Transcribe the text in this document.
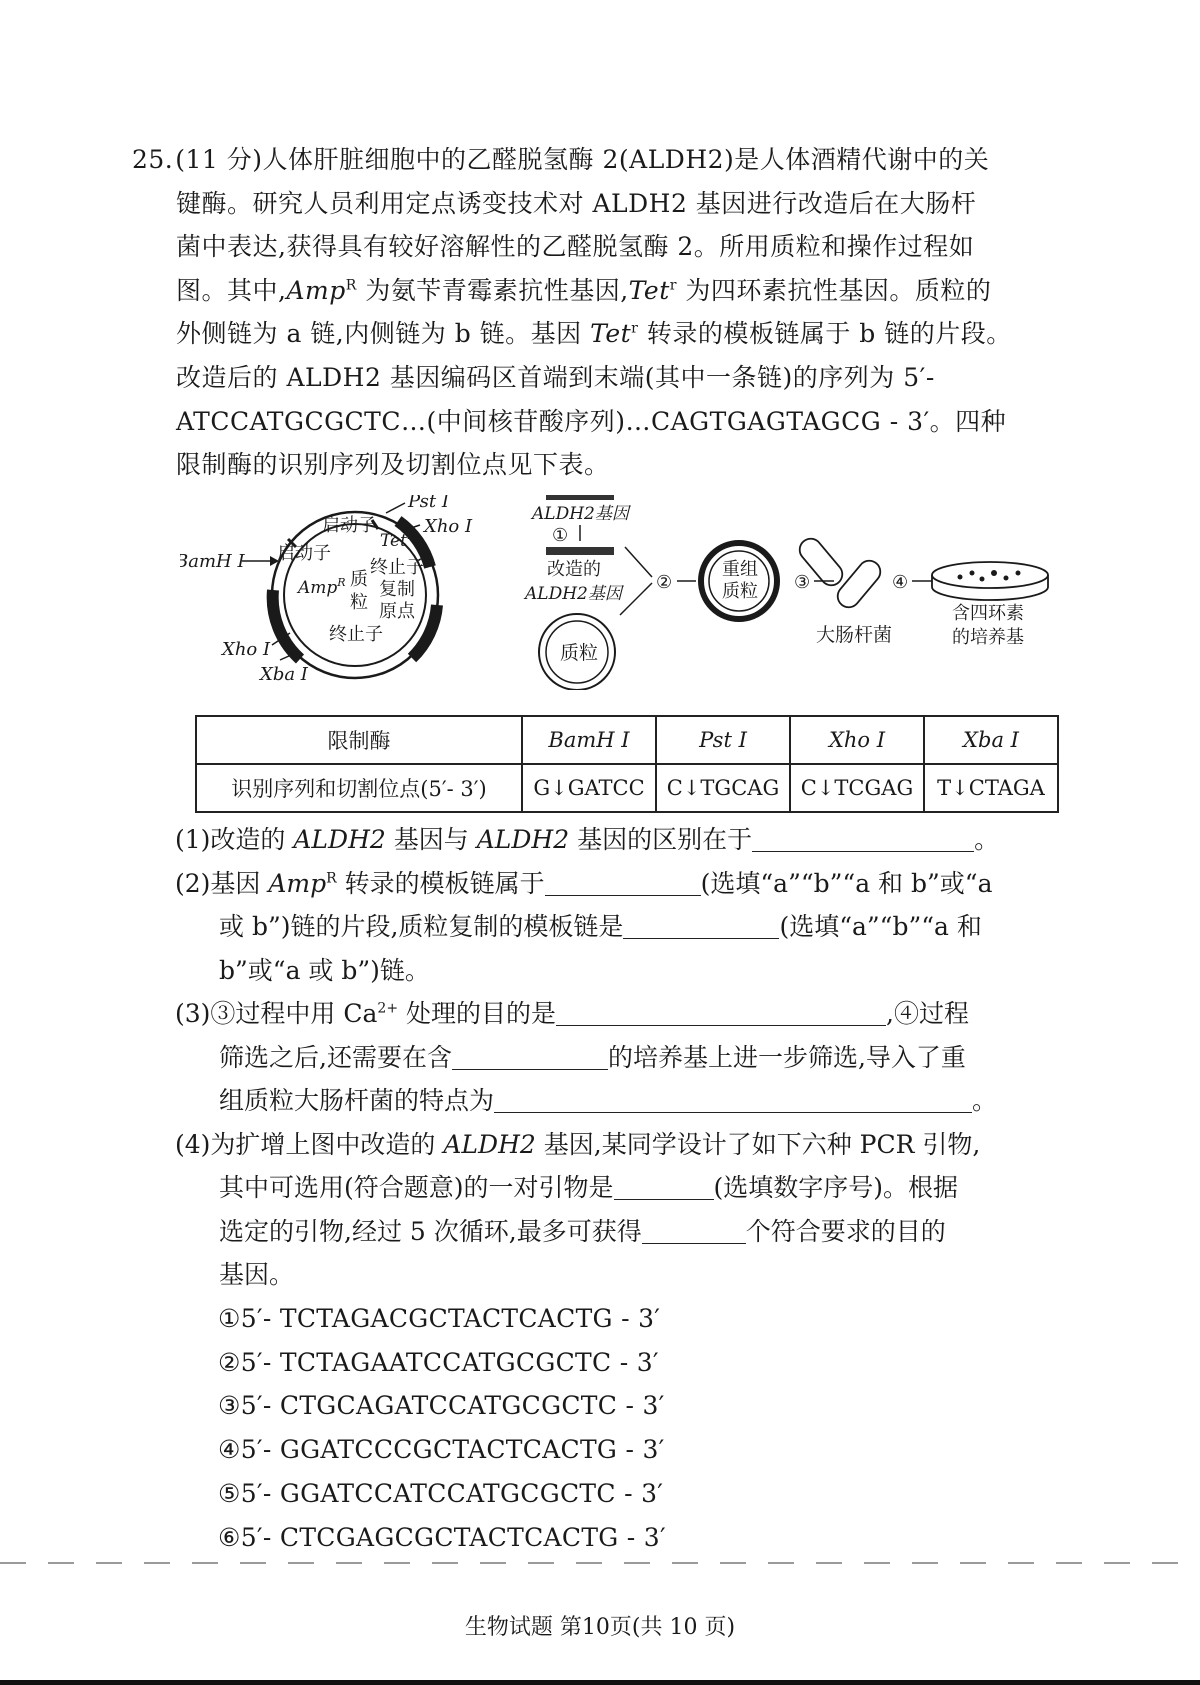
25.(11 分)人体肝脏细胞中的乙醛脱氢酶 2(ALDH2)是人体酒精代谢中的关

键酶。研究人员利用定点诱变技术对 ALDH2 基因进行改造后在大肠杆

菌中表达,获得具有较好溶解性的乙醛脱氢酶 2。所用质粒和操作过程如

图。其中,Amp$^R$ 为氨苄青霉素抗性基因,Tet$^r$ 为四环素抗性基因。质粒的

外侧链为 a 链,内侧链为 b 链。基因 Tet$^r$ 转录的模板链属于 b 链的片段。

改造后的 ALDH2 基因编码区首端到末端(其中一条链)的序列为 5′-

ATCCATGCGCTC…(中间核苷酸序列)…CAGTGAGTAGCG - 3′。四种

限制酶的识别序列及切割位点见下表。

Pst Ⅰ
Xho Ⅰ
BamH Ⅰ
Xho Ⅰ
Xba Ⅰ
启动子
启动子
Tet$^r$
终止子
Amp$^R$ 质
粒
复制
原点
终止子
ALDH2基因
①
改造的
ALDH2基因
②
质粒
重组
质粒 ③
大肠杆菌
④
含四环素
的培养基
限制酶	BamH Ⅰ	Pst Ⅰ	Xho Ⅰ	Xba Ⅰ
识别序列和切割位点(5′- 3′)	G↓GATCC	C↓TGCAG	C↓TCGAG	T↓CTAGA

(1)改造的 ALDH2 基因与 ALDH2 基因的区别在于	。

(2)基因 Amp$^R$ 转录的模板链属于	(选填“a”“b”“a 和 b”或“a

或 b”)链的片段,质粒复制的模板链是	(选填“a”“b”“a 和

b”或“a 或 b”)链。

(3)③过程中用 $Ca^{2+}$ 处理的目的是	,④过程

筛选之后,还需要在含	的培养基上进一步筛选,导入了重

组质粒大肠杆菌的特点为	。

(4)为扩增上图中改造的 ALDH2 基因,某同学设计了如下六种 PCR 引物,

其中可选用(符合题意)的一对引物是	(选填数字序号)。根据

选定的引物,经过 5 次循环,最多可获得	个符合要求的目的

基因。

①5′- TCTAGACGCTACTCACTG - 3′
②5′- TCTAGAATCCATGCGCTC - 3′
③5′- CTGCAGATCCATGCGCTC - 3′
④5′- GGATCCCGCTACTCACTG - 3′
⑤5′- GGATCCATCCATGCGCTC - 3′
⑥5′- CTCGAGCGCTACTCACTG - 3′
生物试题 第10页(共 10 页)
